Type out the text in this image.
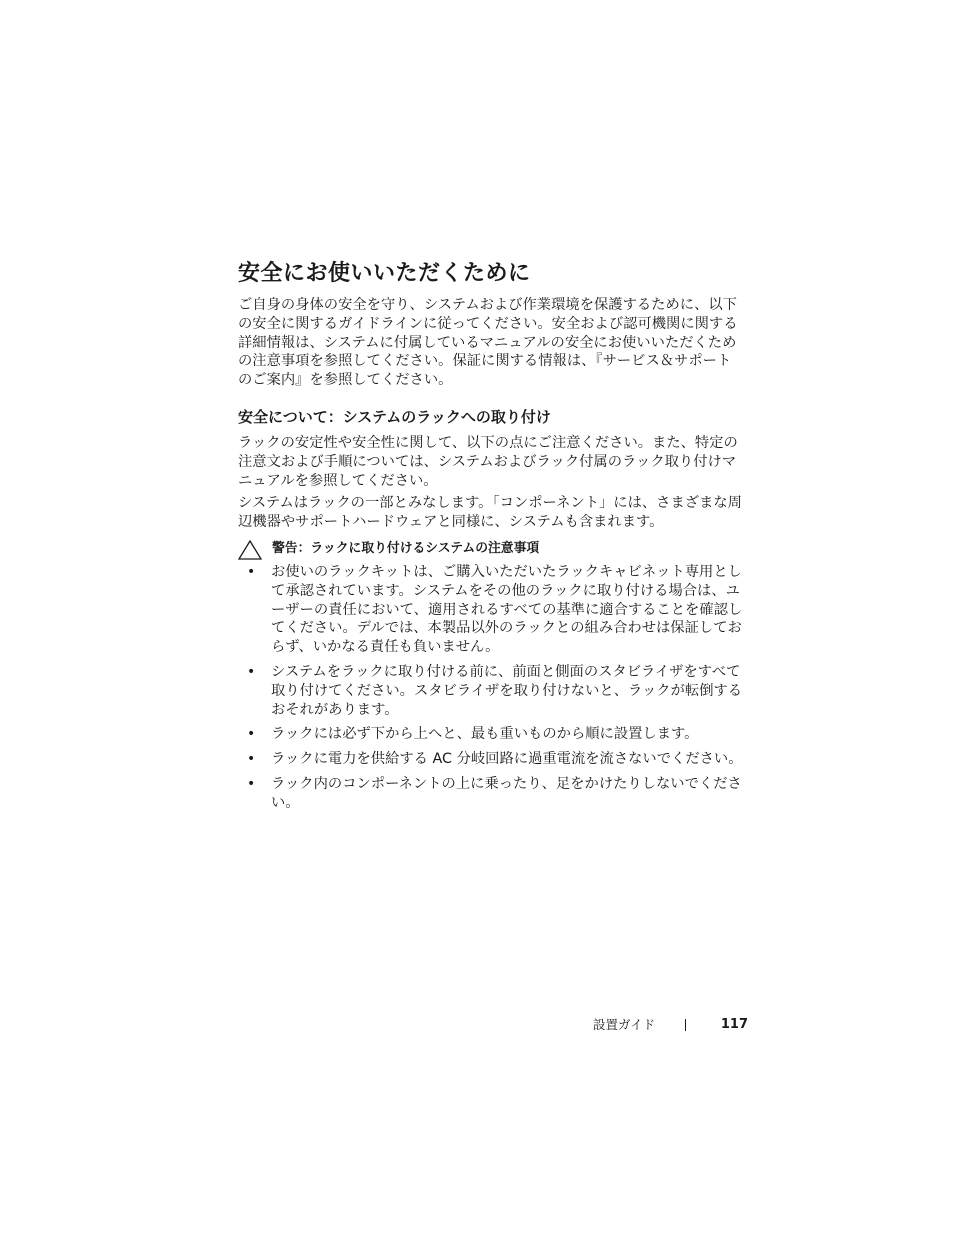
安全にお使いいただくために

ご自身の身体の安全を守り、システムおよび作業環境を保護するために、以下の安全に関するガイドラインに従ってください。安全および認可機関に関する詳細情報は、システムに付属しているマニュアルの安全にお使いいただくための注意事項を参照してください。保証に関する情報は、『サービス＆サポートのご案内』を参照してください。

安全について：システムのラックへの取り付け

ラックの安定性や安全性に関して、以下の点にご注意ください。また、特定の注意文および手順については、システムおよびラック付属のラック取り付けマニュアルを参照してください。

システムはラックの一部とみなします。「コンポーネント」には、さまざまな周辺機器やサポートハードウェアと同様に、システムも含まれます。

警告：ラックに取り付けるシステムの注意事項
• お使いのラックキットは、ご購入いただいたラックキャビネット専用として承認されています。システムをその他のラックに取り付ける場合は、ユーザーの責任において、適用されるすべての基準に適合することを確認してください。デルでは、本製品以外のラックとの組み合わせは保証しておらず、いかなる責任も負いません。
• システムをラックに取り付ける前に、前面と側面のスタビライザをすべて取り付けてください。スタビライザを取り付けないと、ラックが転倒するおそれがあります。
• ラックには必ず下から上へと、最も重いものから順に設置します。
• ラックに電力を供給する AC 分岐回路に過重電流を流さないでください。
• ラック内のコンポーネントの上に乗ったり、足をかけたりしないでください。
設置ガイド	117
